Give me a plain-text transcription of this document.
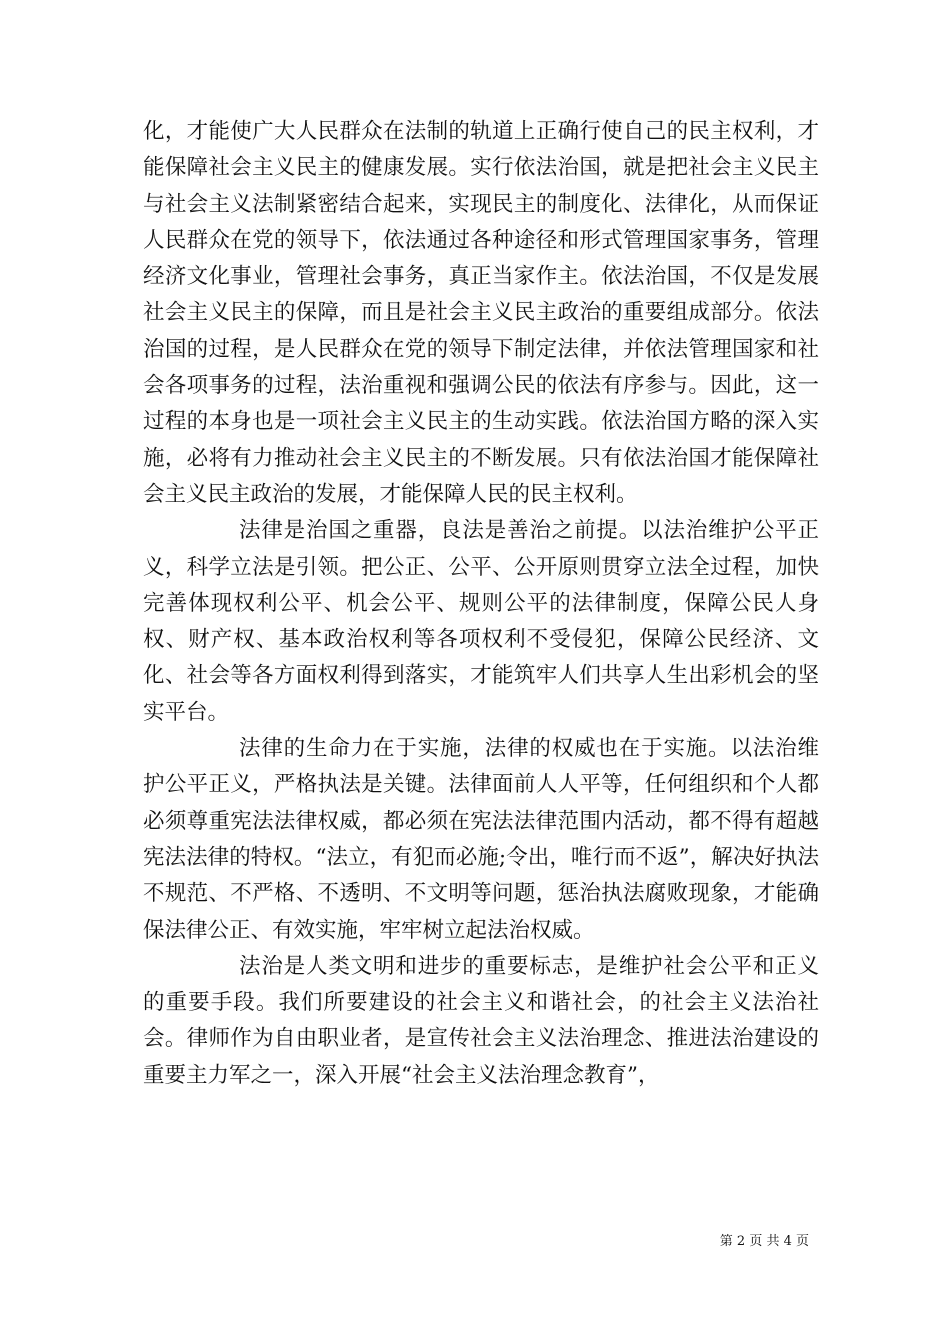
化，才能使广大人民群众在法制的轨道上正确行使自己的民主权利，才能保障社会主义民主的健康发展。实行依法治国，就是把社会主义民主与社会主义法制紧密结合起来，实现民主的制度化、法律化，从而保证人民群众在党的领导下，依法通过各种途径和形式管理国家事务，管理经济文化事业，管理社会事务，真正当家作主。依法治国，不仅是发展社会主义民主的保障，而且是社会主义民主政治的重要组成部分。依法治国的过程，是人民群众在党的领导下制定法律，并依法管理国家和社会各项事务的过程，法治重视和强调公民的依法有序参与。因此，这一过程的本身也是一项社会主义民主的生动实践。依法治国方略的深入实施，必将有力推动社会主义民主的不断发展。只有依法治国才能保障社会主义民主政治的发展，才能保障人民的民主权利。

法律是治国之重器，良法是善治之前提。以法治维护公平正义，科学立法是引领。把公正、公平、公开原则贯穿立法全过程，加快完善体现权利公平、机会公平、规则公平的法律制度，保障公民人身权、财产权、基本政治权利等各项权利不受侵犯，保障公民经济、文化、社会等各方面权利得到落实，才能筑牢人们共享人生出彩机会的坚实平台。

法律的生命力在于实施，法律的权威也在于实施。以法治维护公平正义，严格执法是关键。法律面前人人平等，任何组织和个人都必须尊重宪法法律权威，都必须在宪法法律范围内活动，都不得有超越宪法法律的特权。“法立，有犯而必施;令出，唯行而不返”，解决好执法不规范、不严格、不透明、不文明等问题，惩治执法腐败现象，才能确保法律公正、有效实施，牢牢树立起法治权威。

法治是人类文明和进步的重要标志，是维护社会公平和正义的重要手段。我们所要建设的社会主义和谐社会，的社会主义法治社会。律师作为自由职业者，是宣传社会主义法治理念、推进法治建设的重要主力军之一，深入开展“社会主义法治理念教育”，

第 2 页 共 4 页
